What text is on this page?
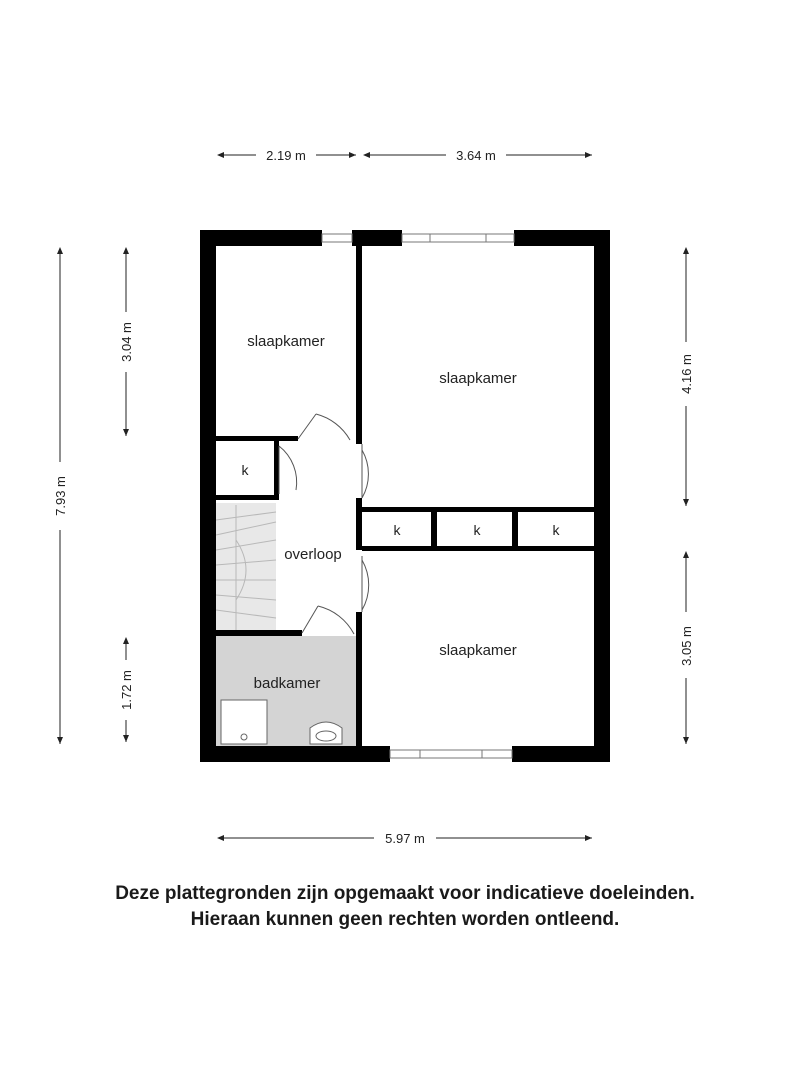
2.19 m	3.64 m
5.97 m
7.93 m
3.04 m
1.72 m
4.16 m
3.05 m
slaapkamer
slaapkamer
slaapkamer
overloop
badkamer
k
k	k	k
Deze plattegronden zijn opgemaakt voor indicatieve doeleinden.
Hieraan kunnen geen rechten worden ontleend.
